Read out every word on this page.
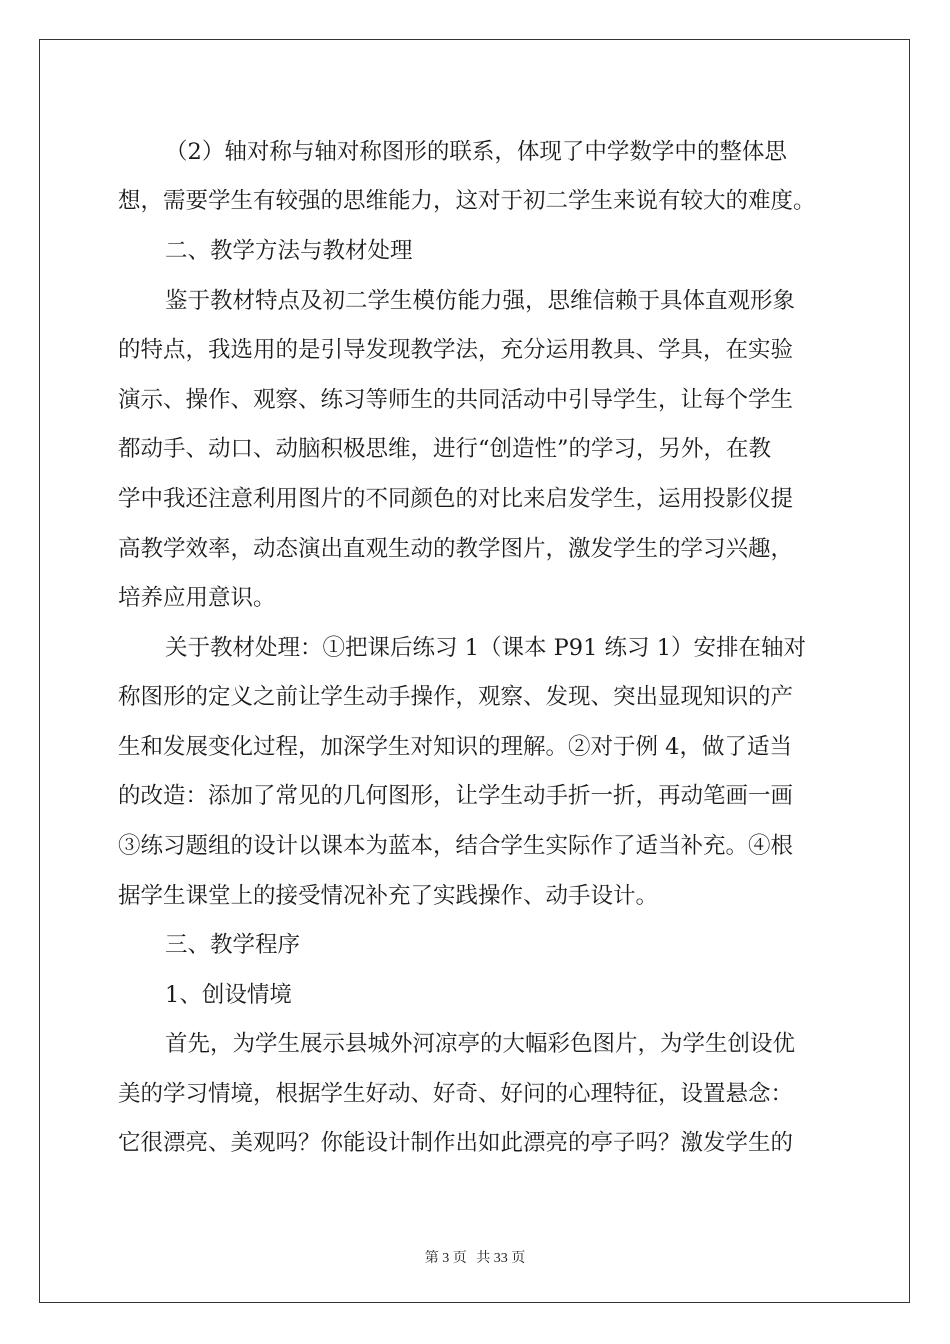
（2）轴对称与轴对称图形的联系，体现了中学数学中的整体思
想，需要学生有较强的思维能力，这对于初二学生来说有较大的难度。
二、教学方法与教材处理
鉴于教材特点及初二学生模仿能力强，思维信赖于具体直观形象
的特点，我选用的是引导发现教学法，充分运用教具、学具，在实验
演示、操作、观察、练习等师生的共同活动中引导学生，让每个学生
都动手、动口、动脑积极思维，进行“创造性”的学习，另外，在教
学中我还注意利用图片的不同颜色的对比来启发学生，运用投影仪提
高教学效率，动态演出直观生动的教学图片，激发学生的学习兴趣，
培养应用意识。
关于教材处理：①把课后练习 1（课本 P91 练习 1）安排在轴对
称图形的定义之前让学生动手操作，观察、发现、突出显现知识的产
生和发展变化过程，加深学生对知识的理解。②对于例 4，做了适当
的改造：添加了常见的几何图形，让学生动手折一折，再动笔画一画
③练习题组的设计以课本为蓝本，结合学生实际作了适当补充。④根
据学生课堂上的接受情况补充了实践操作、动手设计。
三、教学程序
1、创设情境
首先，为学生展示县城外河凉亭的大幅彩色图片，为学生创设优
美的学习情境，根据学生好动、好奇、好问的心理特征，设置悬念：
它很漂亮、美观吗？你能设计制作出如此漂亮的亭子吗？激发学生的
第 3 页 共 33 页
